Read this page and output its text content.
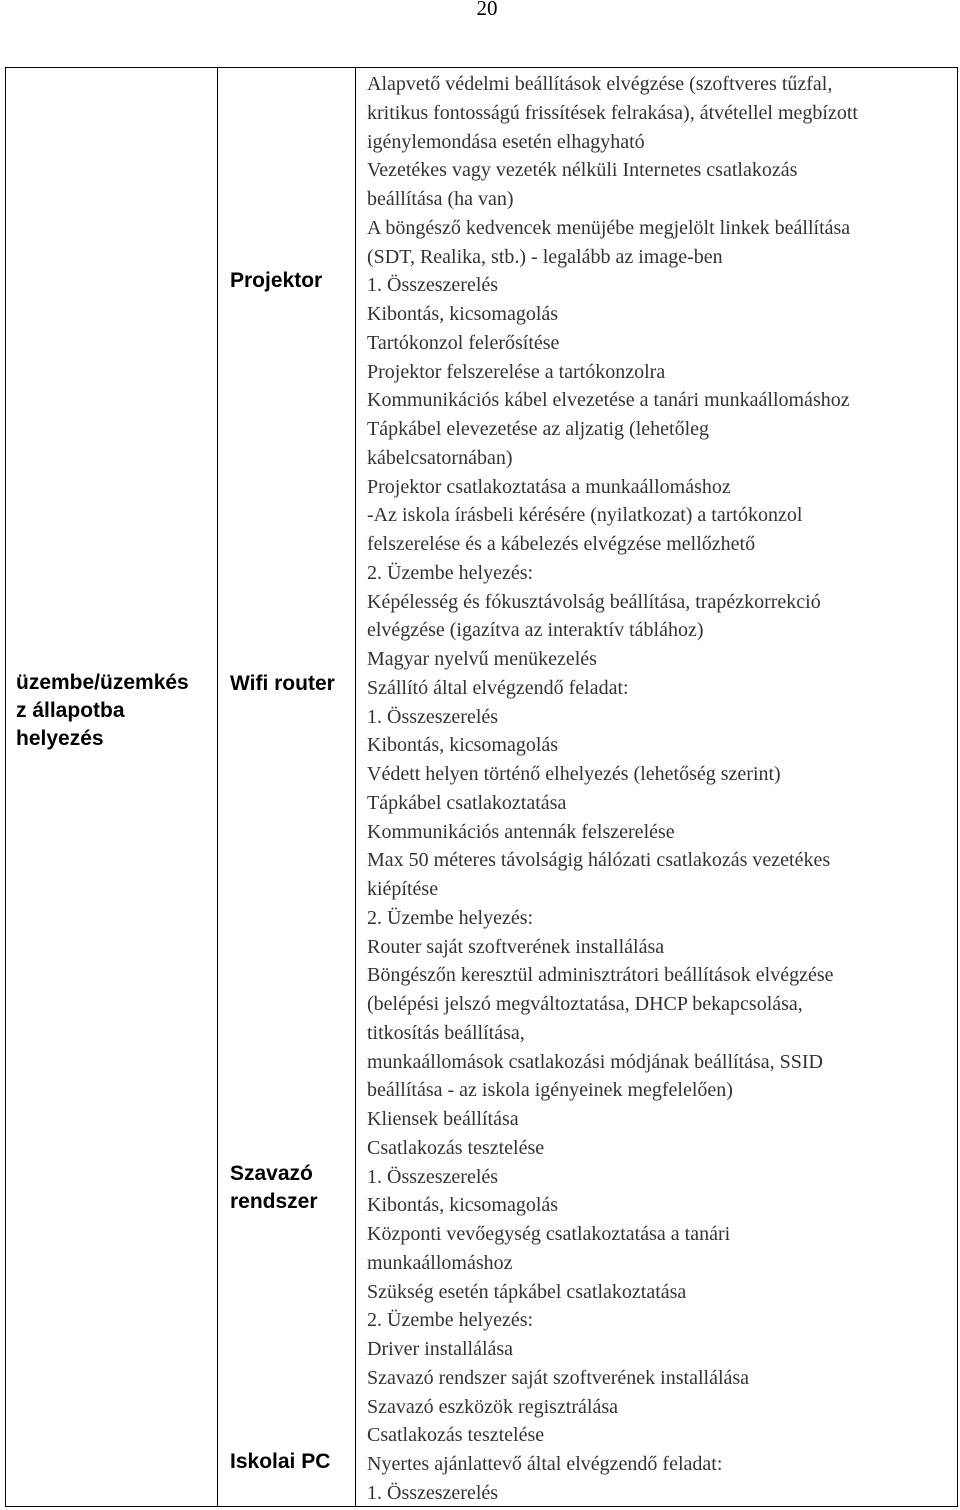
20
üzembe/üzemkés
z állapotba
helyezés
Projektor
Wifi router
Szavazó
rendszer
Iskolai PC
Alapvető védelmi beállítások elvégzése (szoftveres tűzfal,
kritikus fontosságú frissítések felrakása), átvétellel megbízott
igénylemondása esetén elhagyható
Vezetékes vagy vezeték nélküli Internetes csatlakozás
beállítása (ha van)
A böngésző kedvencek menüjébe megjelölt linkek beállítása
(SDT, Realika, stb.) - legalább az image-ben
1. Összeszerelés
Kibontás, kicsomagolás
Tartókonzol felerősítése
Projektor felszerelése a tartókonzolra
Kommunikációs kábel elvezetése a tanári munkaállomáshoz
Tápkábel elevezetése az aljzatig (lehetőleg
kábelcsatornában)
Projektor csatlakoztatása a munkaállomáshoz
-Az iskola írásbeli kérésére (nyilatkozat) a tartókonzol
felszerelése és a kábelezés elvégzése mellőzhető
2. Üzembe helyezés:
Képélesség és fókusztávolság beállítása, trapézkorrekció
elvégzése (igazítva az interaktív táblához)
Magyar nyelvű menükezelés
Szállító által elvégzendő feladat:
1. Összeszerelés
Kibontás, kicsomagolás
Védett helyen történő elhelyezés (lehetőség szerint)
Tápkábel csatlakoztatása
Kommunikációs antennák felszerelése
Max 50 méteres távolságig hálózati csatlakozás vezetékes
kiépítése
2. Üzembe helyezés:
Router saját szoftverének installálása
Böngészőn keresztül adminisztrátori beállítások elvégzése
(belépési jelszó megváltoztatása, DHCP bekapcsolása,
titkosítás beállítása,
munkaállomások csatlakozási módjának beállítása, SSID
beállítása - az iskola igényeinek megfelelően)
Kliensek beállítása
Csatlakozás tesztelése
1. Összeszerelés
Kibontás, kicsomagolás
Központi vevőegység csatlakoztatása a tanári
munkaállomáshoz
Szükség esetén tápkábel csatlakoztatása
2. Üzembe helyezés:
Driver installálása
Szavazó rendszer saját szoftverének installálása
Szavazó eszközök regisztrálása
Csatlakozás tesztelése
Nyertes ajánlattevő által elvégzendő feladat:
1. Összeszerelés
